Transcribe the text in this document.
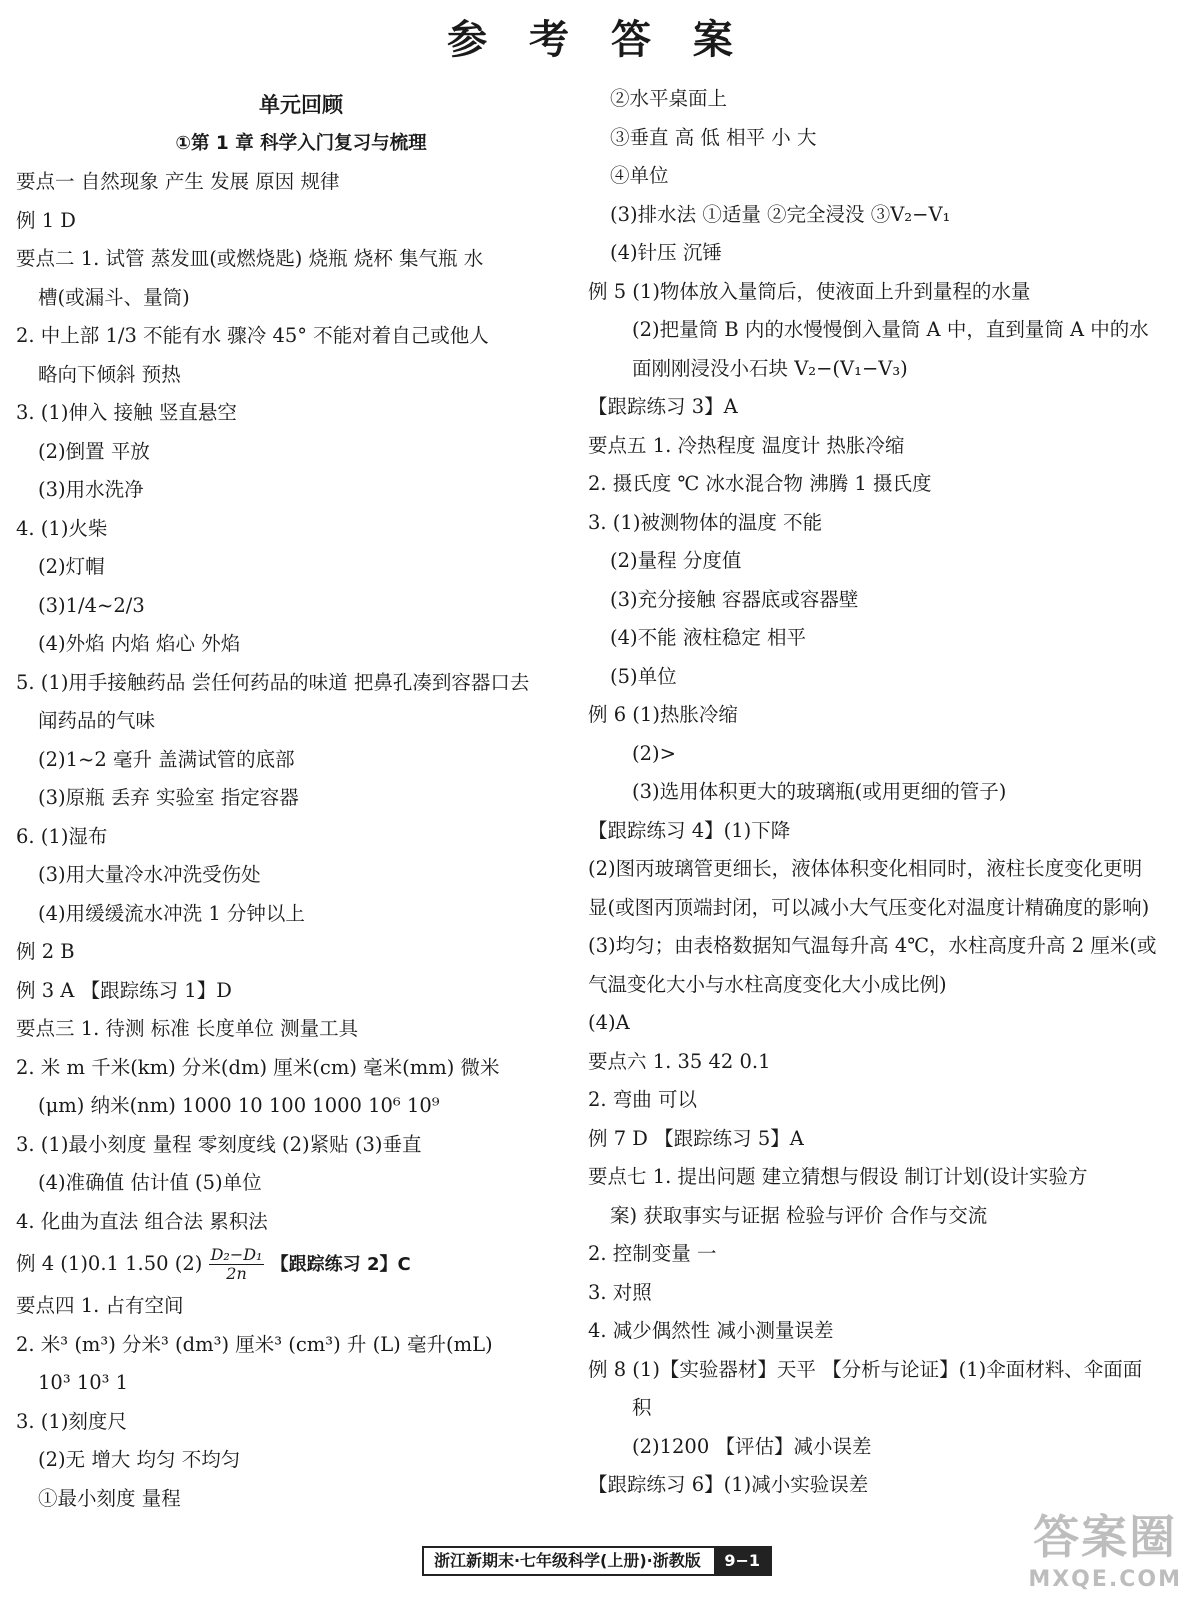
参 考 答 案
单元回顾
①第 1 章 科学入门复习与梳理
要点一 自然现象 产生 发展 原因 规律
例 1 D
要点二 1. 试管 蒸发皿(或燃烧匙) 烧瓶 烧杯 集气瓶 水
槽(或漏斗、量筒)
2. 中上部 1/3 不能有水 骤冷 45° 不能对着自己或他人
略向下倾斜 预热
3. (1)伸入 接触 竖直悬空
(2)倒置 平放
(3)用水洗净
4. (1)火柴
(2)灯帽
(3)1/4~2/3
(4)外焰 内焰 焰心 外焰
5. (1)用手接触药品 尝任何药品的味道 把鼻孔凑到容器口去
闻药品的气味
(2)1~2 毫升 盖满试管的底部
(3)原瓶 丢弃 实验室 指定容器
6. (1)湿布
(3)用大量冷水冲洗受伤处
(4)用缓缓流水冲洗 1 分钟以上
例 2 B
例 3 A 【跟踪练习 1】D
要点三 1. 待测 标准 长度单位 测量工具
2. 米 m 千米(km) 分米(dm) 厘米(cm) 毫米(mm) 微米
(μm) 纳米(nm) 1000 10 100 1000 10⁶ 10⁹
3. (1)最小刻度 量程 零刻度线 (2)紧贴 (3)垂直
(4)准确值 估计值 (5)单位
4. 化曲为直法 组合法 累积法
例 4 (1)0.1 1.50 $(2) \frac{\text{D₂−D₁}}{2n}$ 【跟踪练习 2】C
要点四 1. 占有空间
2. 米³ (m³) 分米³ (dm³) 厘米³ (cm³) 升 (L) 毫升(mL)
10³ 10³ 1
3. (1)刻度尺
(2)无 增大 均匀 不均匀
①最小刻度 量程
②水平桌面上
③垂直 高 低 相平 小 大
④单位
(3)排水法 ①适量 ②完全浸没 ③V₂−V₁
(4)针压 沉锤
例 5 (1)物体放入量筒后，使液面上升到量程的水量
(2)把量筒 B 内的水慢慢倒入量筒 A 中，直到量筒 A 中的水
面刚刚浸没小石块 V₂−(V₁−V₃)
【跟踪练习 3】A
要点五 1. 冷热程度 温度计 热胀冷缩
2. 摄氏度 ℃ 冰水混合物 沸腾 1 摄氏度
3. (1)被测物体的温度 不能
(2)量程 分度值
(3)充分接触 容器底或容器壁
(4)不能 液柱稳定 相平
(5)单位
例 6 (1)热胀冷缩
(2)>
(3)选用体积更大的玻璃瓶(或用更细的管子)
【跟踪练习 4】(1)下降
(2)图丙玻璃管更细长，液体体积变化相同时，液柱长度变化更明
显(或图丙顶端封闭，可以减小大气压变化对温度计精确度的影响)
(3)均匀；由表格数据知气温每升高 4℃，水柱高度升高 2 厘米(或
气温变化大小与水柱高度变化大小成比例)
(4)A
要点六 1. 35 42 0.1
2. 弯曲 可以
例 7 D 【跟踪练习 5】A
要点七 1. 提出问题 建立猜想与假设 制订计划(设计实验方
案) 获取事实与证据 检验与评价 合作与交流
2. 控制变量 一
3. 对照
4. 减少偶然性 减小测量误差
例 8 (1)【实验器材】天平 【分析与论证】(1)伞面材料、伞面面
积
(2)1200 【评估】减小误差
【跟踪练习 6】(1)减小实验误差
浙江新期末·七年级科学(上册)·浙教版 9−1	答案圈
MXQE.COM
